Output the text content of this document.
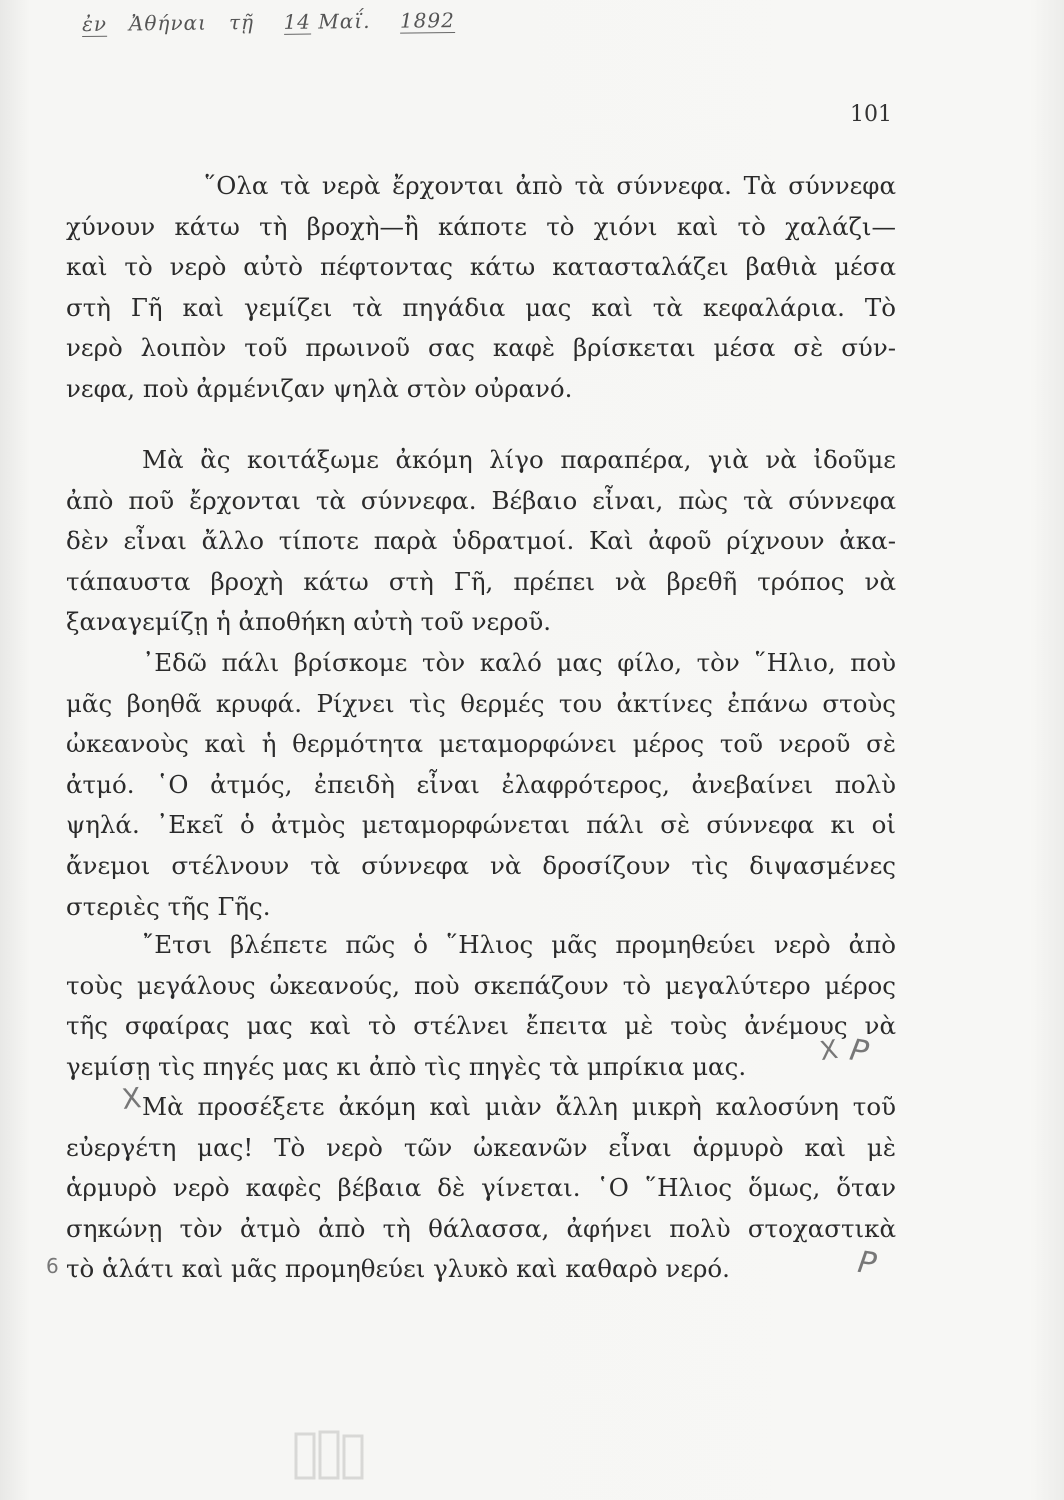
ἐν Ἀθήναι τῇ 14 Μαΐ. 1892
101
῞Ολα τὰ νερὰ ἔρχονται ἀπὸ τὰ σύννεφα. Τὰ σύννεφα
χύνουν κάτω τὴ βροχὴ—ἢ κάποτε τὸ χιόνι καὶ τὸ χαλάζι—
καὶ τὸ νερὸ αὐτὸ πέφτοντας κάτω κατασταλάζει βαθιὰ μέσα
στὴ Γῆ καὶ γεμίζει τὰ πηγάδια μας καὶ τὰ κεφαλάρια. Τὸ
νερὸ λοιπὸν τοῦ πρωινοῦ σας καφὲ βρίσκεται μέσα σὲ σύν-
νεφα, ποὺ ἀρμένιζαν ψηλὰ στὸν οὐρανό.
Μὰ ἂς κοιτάξωμε ἀκόμη λίγο παραπέρα, γιὰ νὰ ἰδοῦμε
ἀπὸ ποῦ ἔρχονται τὰ σύννεφα. Βέβαιο εἶναι, πὼς τὰ σύννεφα
δὲν εἶναι ἄλλο τίποτε παρὰ ὑδρατμοί. Καὶ ἀφοῦ ρίχνουν ἀκα-
τάπαυστα βροχὴ κάτω στὴ Γῆ, πρέπει νὰ βρεθῆ τρόπος νὰ
ξαναγεμίζῃ ἡ ἀποθήκη αὐτὴ τοῦ νεροῦ.
᾿Εδῶ πάλι βρίσκομε τὸν καλό μας φίλο, τὸν ῞Ηλιο, ποὺ
μᾶς βοηθᾶ κρυφά. Ρίχνει τὶς θερμές του ἀκτίνες ἐπάνω στοὺς
ὠκεανοὺς καὶ ἡ θερμότητα μεταμορφώνει μέρος τοῦ νεροῦ σὲ
ἀτμό. ῾Ο ἀτμός, ἐπειδὴ εἶναι ἐλαφρότερος, ἀνεβαίνει πολὺ
ψηλά. ᾿Εκεῖ ὁ ἀτμὸς μεταμορφώνεται πάλι σὲ σύννεφα κι οἱ
ἄνεμοι στέλνουν τὰ σύννεφα νὰ δροσίζουν τὶς διψασμένες
στεριὲς τῆς Γῆς.
῎Ετσι βλέπετε πῶς ὁ ῞Ηλιος μᾶς προμηθεύει νερὸ ἀπὸ
τοὺς μεγάλους ὠκεανούς, ποὺ σκεπάζουν τὸ μεγαλύτερο μέρος
τῆς σφαίρας μας καὶ τὸ στέλνει ἔπειτα μὲ τοὺς ἀνέμους νὰ
γεμίσῃ τὶς πηγές μας κι ἀπὸ τὶς πηγὲς τὰ μπρίκια μας.
Μὰ προσέξετε ἀκόμη καὶ μιὰν ἄλλη μικρὴ καλοσύνη τοῦ
εὐεργέτη μας! Τὸ νερὸ τῶν ὠκεανῶν εἶναι ἁρμυρὸ καὶ μὲ
ἁρμυρὸ νερὸ καφὲς βέβαια δὲ γίνεται. ῾Ο ῞Ηλιος ὅμως, ὅταν
σηκώνῃ τὸν ἀτμὸ ἀπὸ τὴ θάλασσα, ἀφήνει πολὺ στοχαστικὰ
τὸ ἁλάτι καὶ μᾶς προμηθεύει γλυκὸ καὶ καθαρὸ νερό.
X
X
6
P
P
